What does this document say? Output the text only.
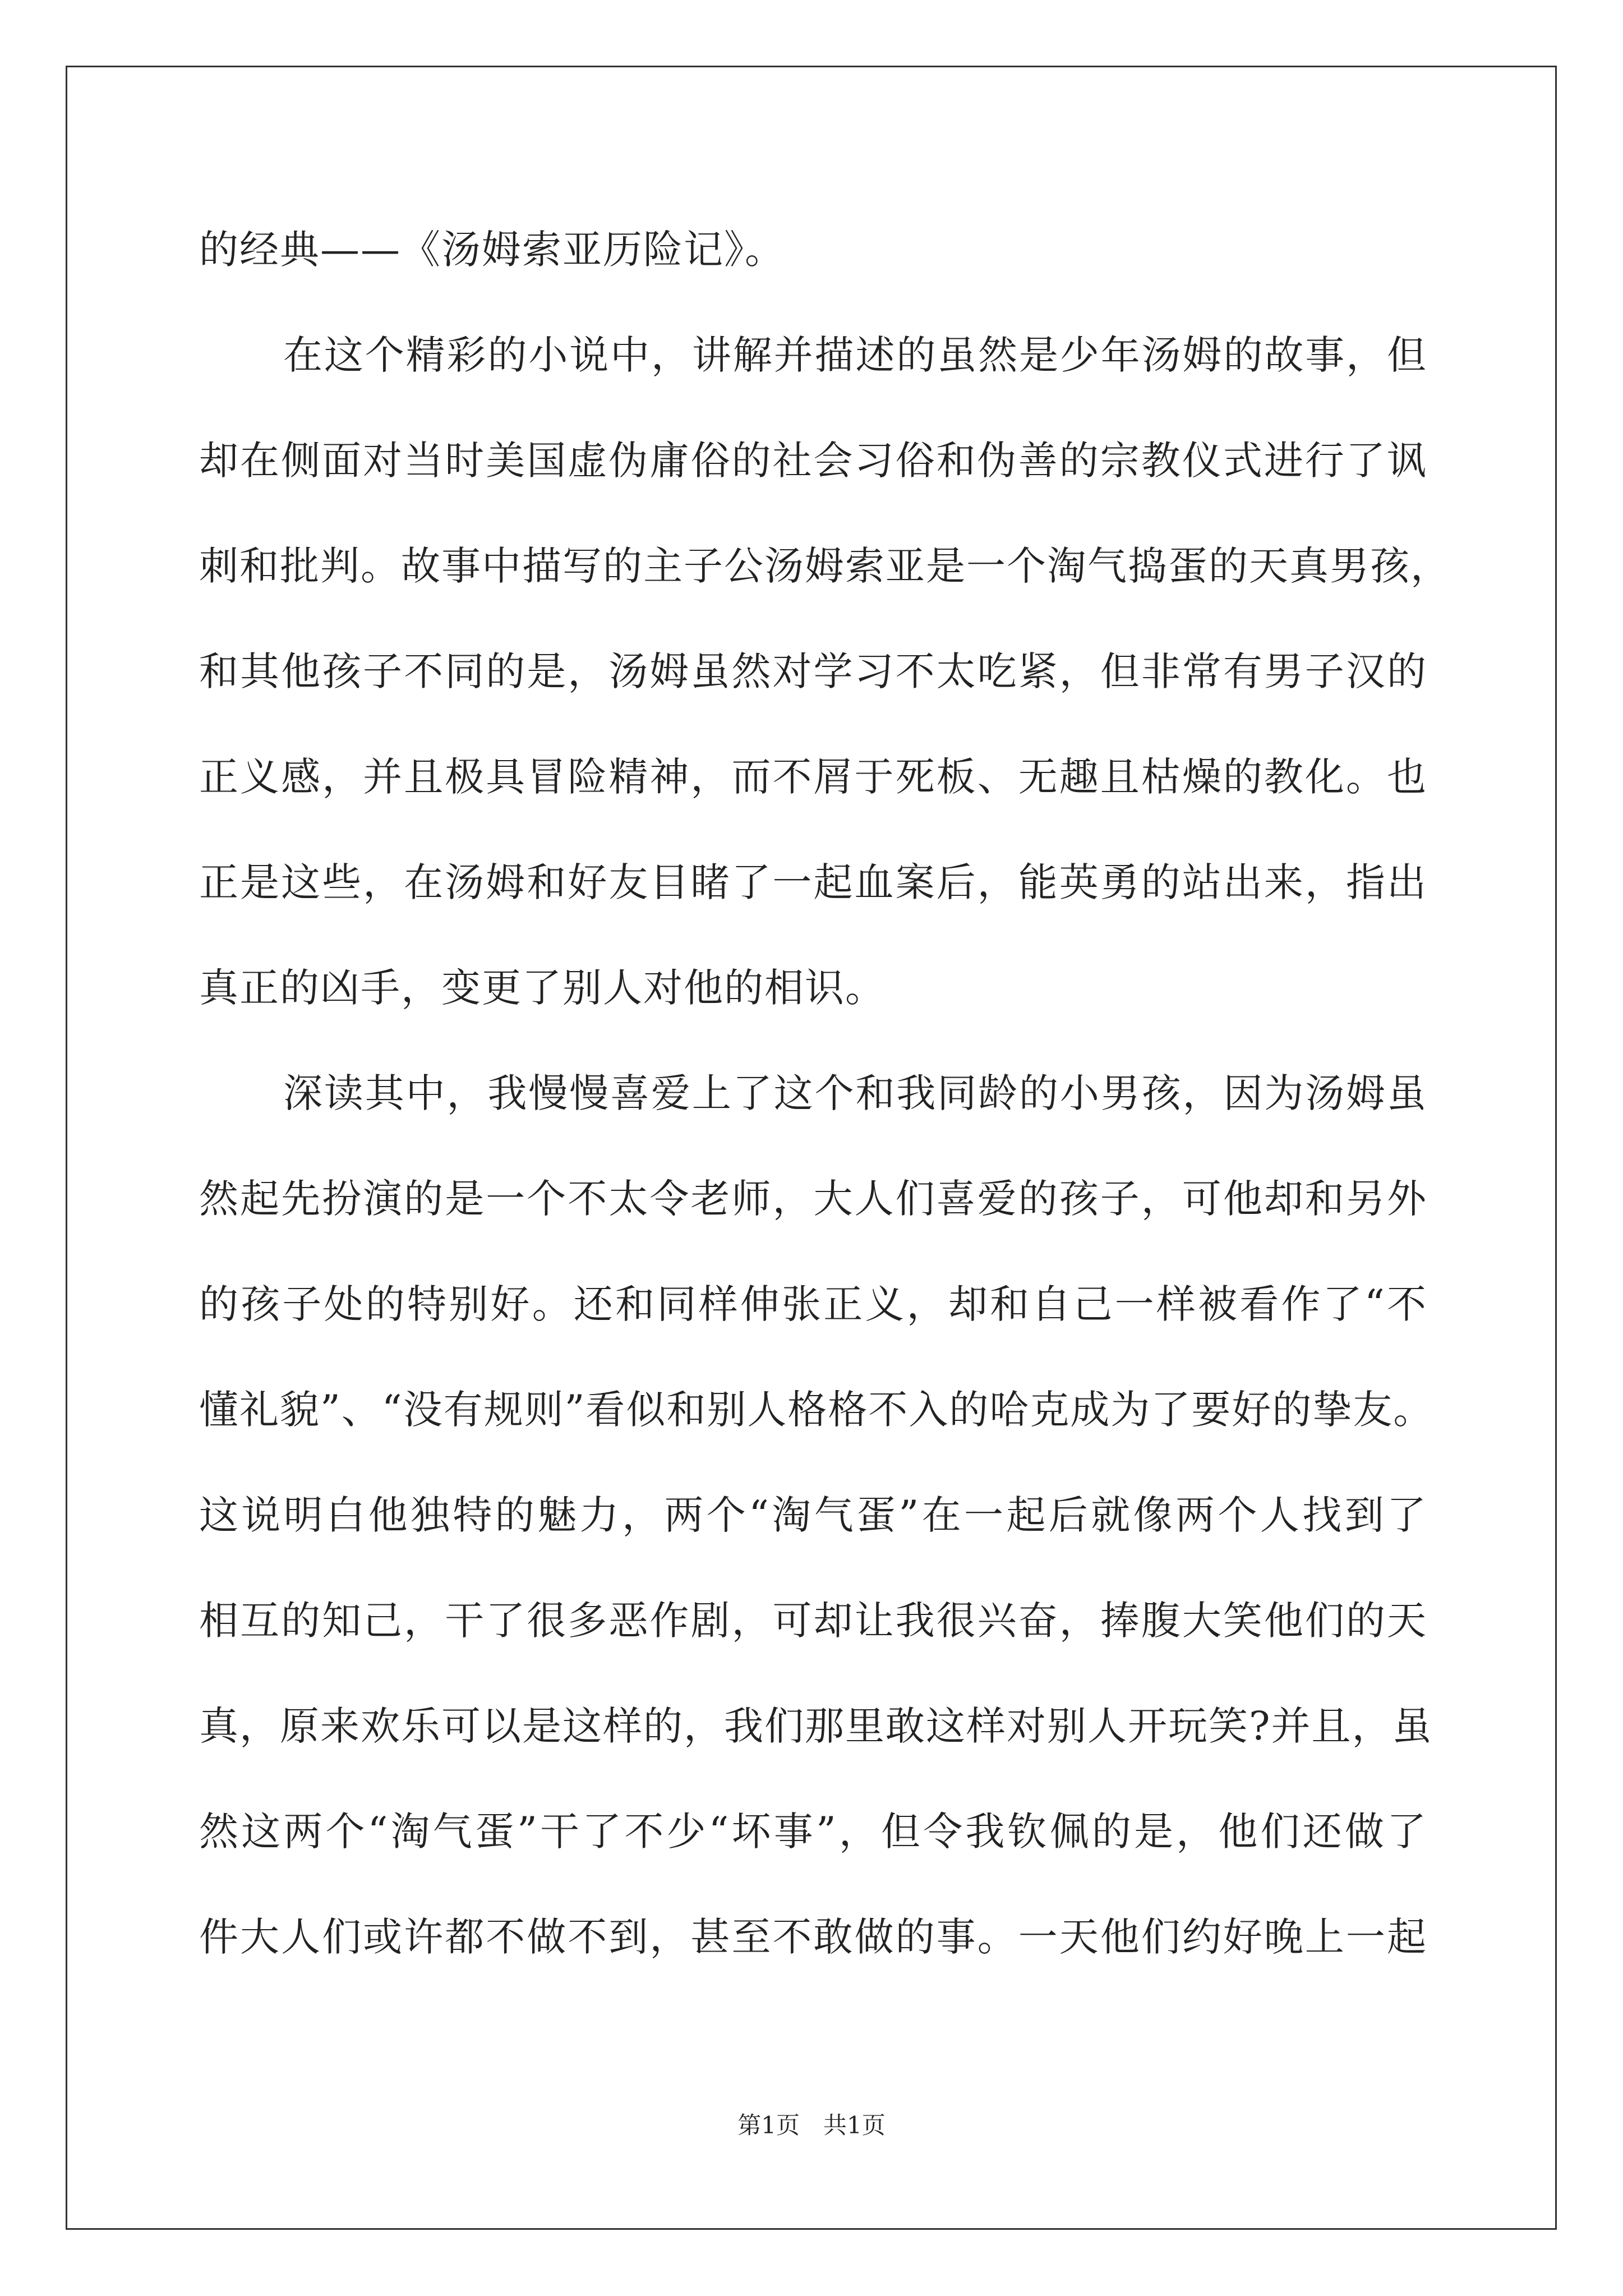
的经典——《汤姆索亚历险记》。
在这个精彩的小说中，讲解并描述的虽然是少年汤姆的故事，但
却在侧面对当时美国虚伪庸俗的社会习俗和伪善的宗教仪式进行了讽
刺和批判。故事中描写的主子公汤姆索亚是一个淘气捣蛋的天真男孩，
和其他孩子不同的是，汤姆虽然对学习不太吃紧，但非常有男子汉的
正义感，并且极具冒险精神，而不屑于死板、无趣且枯燥的教化。也
正是这些，在汤姆和好友目睹了一起血案后，能英勇的站出来，指出
真正的凶手，变更了别人对他的相识。
深读其中，我慢慢喜爱上了这个和我同龄的小男孩，因为汤姆虽
然起先扮演的是一个不太令老师，大人们喜爱的孩子，可他却和另外
的孩子处的特别好。还和同样伸张正义，却和自己一样被看作了“不
懂礼貌”、“没有规则”看似和别人格格不入的哈克成为了要好的挚友。
这说明白他独特的魅力，两个“淘气蛋”在一起后就像两个人找到了
相互的知己，干了很多恶作剧，可却让我很兴奋，捧腹大笑他们的天
真，原来欢乐可以是这样的，我们那里敢这样对别人开玩笑?并且，虽
然这两个“淘气蛋”干了不少“坏事”，但令我钦佩的是，他们还做了
件大人们或许都不做不到，甚至不敢做的事。一天他们约好晚上一起
第1页　共1页
